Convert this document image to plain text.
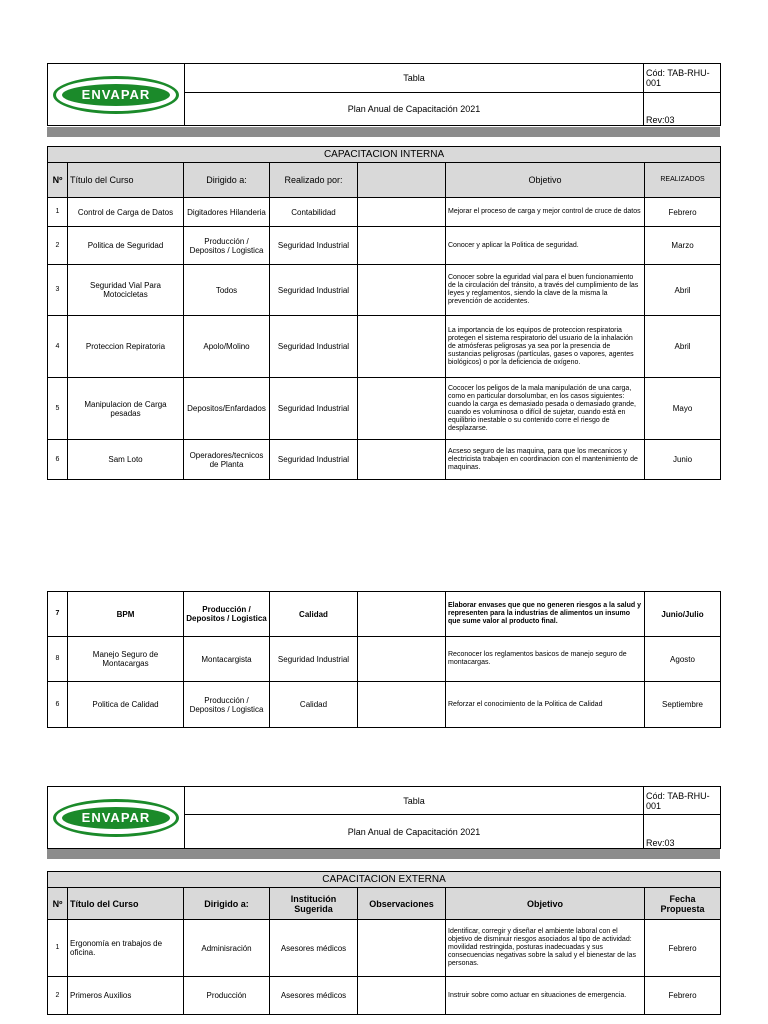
ENVAPAR	Tabla	Cód: TAB-RHU-
001
	Plan Anual de Capacitación 2021	Rev:03
CAPACITACION INTERNA						
Nº	Título del Curso	Dirigido a:	Realizado por:		Objetivo	REALIZADOS
1	Control de Carga de Datos	Digitadores Hilanderia	Contabilidad		Mejorar el proceso de carga y mejor control de cruce de datos	Febrero
2	Politica de Seguridad	Producción / Depositos / Logistica	Seguridad Industrial		Conocer y aplicar la Politica de seguridad.	Marzo
3	Seguridad Vial Para Motocicletas	Todos	Seguridad Industrial		Conocer sobre la eguridad vial para el buen funcionamiento de la circulación del tránsito, a través del cumplimiento de las leyes y reglamentos, siendo la clave de la misma la prevención de accidentes.	Abril
4	Proteccion Repiratoria	Apolo/Molino	Seguridad Industrial		La importancia de los equipos de proteccion respiratoria protegen el sistema respiratorio del usuario de la inhalación de atmósferas peligrosas ya sea por la presencia de sustancias peligrosas (partículas, gases o vapores, agentes biológicos) o por la deficiencia de oxígeno.	Abril
5	Manipulacion de Carga pesadas	Depositos/Enfardados	Seguridad Industrial		Cococer los peligos de la mala manipulación de una carga, como en particular dorsolumbar, en los casos siguientes: cuando la carga es demasiado pesada o demasiado grande, cuando es voluminosa o difícil de sujetar, cuando está en equilibrio inestable o su contenido corre el riesgo de desplazarse.	Mayo
6	Sam Loto	Operadores/tecnicos de Planta	Seguridad Industrial		Acseso seguro de las maquina, para que los mecanicos y electricista trabajen en coordinacion con el mantenimiento de maquinas.	Junio
7	BPM	Producción / Depositos / Logistica	Calidad		Elaborar envases que que no generen riesgos a la salud y representen para la industrias de alimentos un insumo que sume valor al producto final.	Junio/Julio
8	Manejo Seguro de Montacargas	Montacargista	Seguridad Industrial		Reconocer los reglamentos basicos de manejo seguro de montacargas.	Agosto
6	Politica de Calidad	Producción / Depositos / Logistica	Calidad		Reforzar el conocimiento de la Politica de Calidad	Septiembre
ENVAPAR	Tabla	Cód: TAB-RHU-
001
	Plan Anual de Capacitación 2021	Rev:03
CAPACITACION EXTERNA						
Nº	Título del Curso	Dirigido a:	Institución Sugerida	Observaciones	Objetivo	Fecha Propuesta
1	Ergonomía en trabajos de oficina.	Adminisración	Asesores médicos		Identificar, corregir y diseñar el ambiente laboral con el objetivo de disminuir riesgos asociados al tipo de actividad: movilidad restringida, posturas inadecuadas y sus consecuencias negativas sobre la salud y el bienestar de las personas.	Febrero
2	Primeros Auxilios	Producción	Asesores médicos		Instruir sobre como actuar en situaciones de emergencia.	Febrero
